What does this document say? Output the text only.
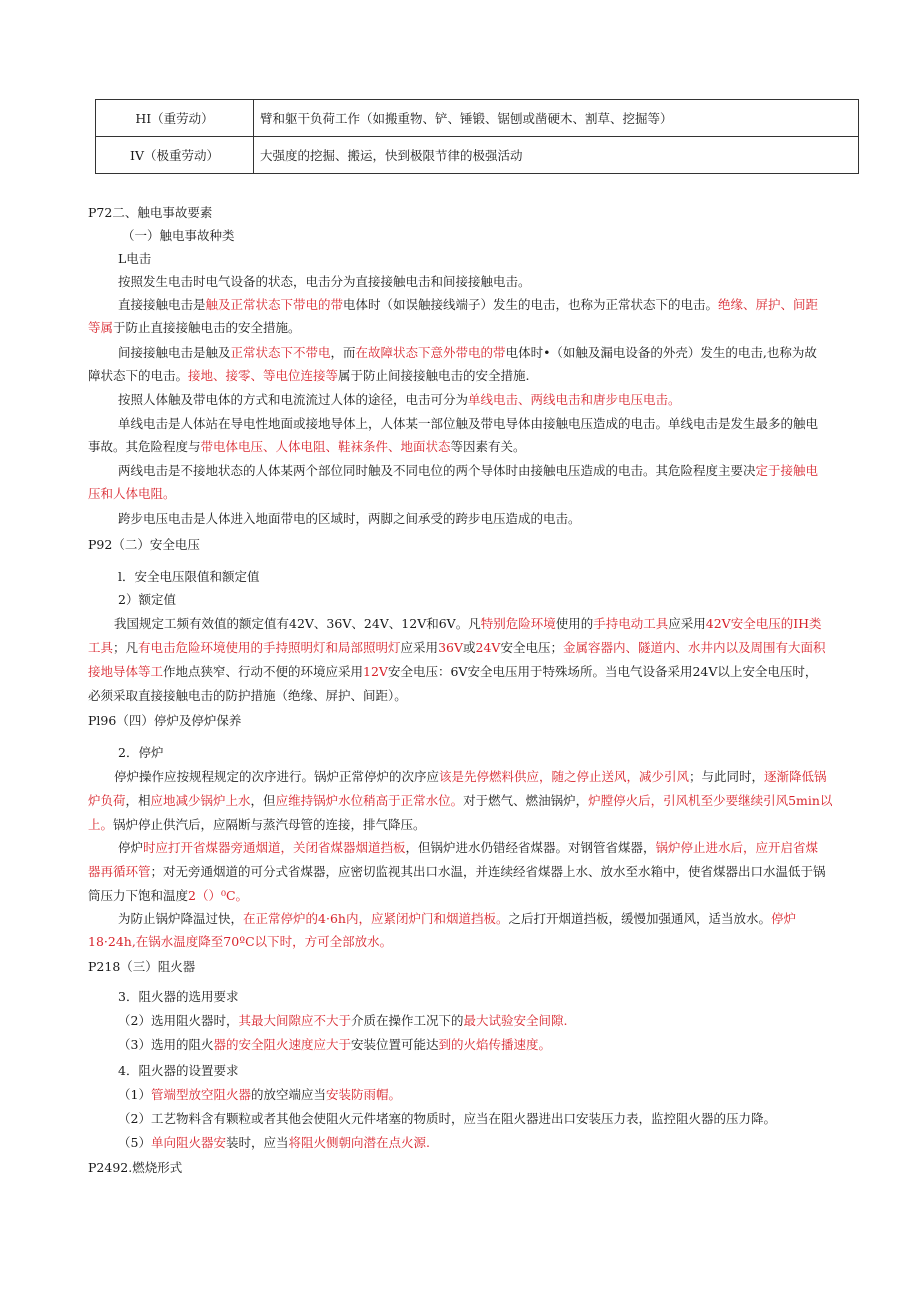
HI（重劳动）	臂和躯干负荷工作（如搬重物、铲、锤锻、锯刨或凿硬木、割草、挖掘等）
IV（极重劳动）	大强度的挖掘、搬运，快到极限节律的极强活动
P72二、触电事故要素
（一）触电事故种类
L电击
按照发生电击时电气设备的状态，电击分为直接接触电击和间接接触电击。
直接接触电击是触及正常状态下带电的带电体时（如误触接线端子）发生的电击，也称为正常状态下的电击。绝缘、屏护、间距
等属于防止直接接触电击的安全措施。
间接接触电击是触及正常状态下不带电，而在故障状态下意外带电的带电体时•（如触及漏电设备的外壳）发生的电击,也称为故
障状态下的电击。接地、接零、等电位连接等属于防止间接接触电击的安全措施.
按照人体触及带电体的方式和电流流过人体的途径，电击可分为单线电击、两线电击和唐步电压电击。
单线电击是人体站在导电性地面或接地导体上，人体某一部位触及带电导体由接触电压造成的电击。单线电击是发生最多的触电
事故。其危险程度与带电体电压、人体电阻、鞋袜条件、地面状态等因素有关。
两线电击是不接地状态的人体某两个部位同时触及不同电位的两个导体时由接触电压造成的电击。其危险程度主要决定于接触电
压和人体电阻。
跨步电压电击是人体进入地面带电的区域时，两脚之间承受的跨步电压造成的电击。
P92（二）安全电压
l．安全电压限值和额定值
2）额定值
我国规定工频有效值的额定值有42V、36V、24V、12V和6V。凡特别危险环境使用的手持电动工具应采用42V安全电压的IH类
工具；凡有电击危险环境使用的手持照明灯和局部照明灯应采用36V或24V安全电压；金属容器内、隧道内、水井内以及周围有大面积
接地导体等工作地点狭窄、行动不便的环境应采用12V安全电压：6V安全电压用于特殊场所。当电气设备采用24V以上安全电压时，
必须采取直接接触电击的防护措施（绝缘、屏护、间距）。
Pl96（四）停炉及停炉保养
2．停炉
停炉操作应按规程规定的次序进行。锅炉正常停炉的次序应该是先停燃料供应，随之停止送风，减少引风；与此同时，逐渐降低锅
炉负荷，相应地减少锅炉上水，但应维持锅炉水位稍高于正常水位。对于燃气、燃油锅炉，炉膛停火后，引风机至少要继续引风5min以
上。锅炉停止供汽后，应隔断与蒸汽母管的连接，排气降压。
停炉时应打开省煤器旁通烟道，关闭省煤器烟道挡板，但锅炉进水仍错经省煤器。对钢管省煤器，锅炉停止进水后，应开启省煤
器再循环管；对无旁通烟道的可分式省煤器，应密切监视其出口水温，并连续经省煤器上水、放水至水箱中，使省煤器出口水温低于锅
筒压力下饱和温度2（）⁰C。
为防止锅炉降温过快，在正常停炉的4·6h内，应紧闭炉门和烟道挡板。之后打开烟道挡板，缓慢加强通风，适当放水。停炉
18·24h,在锅水温度降至70ºC以下时，方可全部放水。
P218（三）阻火器
3．阻火器的选用要求
（2）选用阻火器时，其最大间隙应不大于介质在操作工况下的最大试验安全间隙.
（3）选用的阻火器的安全阻火速度应大于安装位置可能达到的火焰传播速度。
4．阻火器的设置要求
（1）管端型放空阻火器的放空端应当安装防雨帽。
（2）工艺物料含有颗粒或者其他会使阻火元件堵塞的物质时，应当在阻火器进出口安装压力表，监控阻火器的压力降。
（5）单向阻火器安装时，应当将阻火侧朝向潜在点火源.
P2492.燃烧形式
